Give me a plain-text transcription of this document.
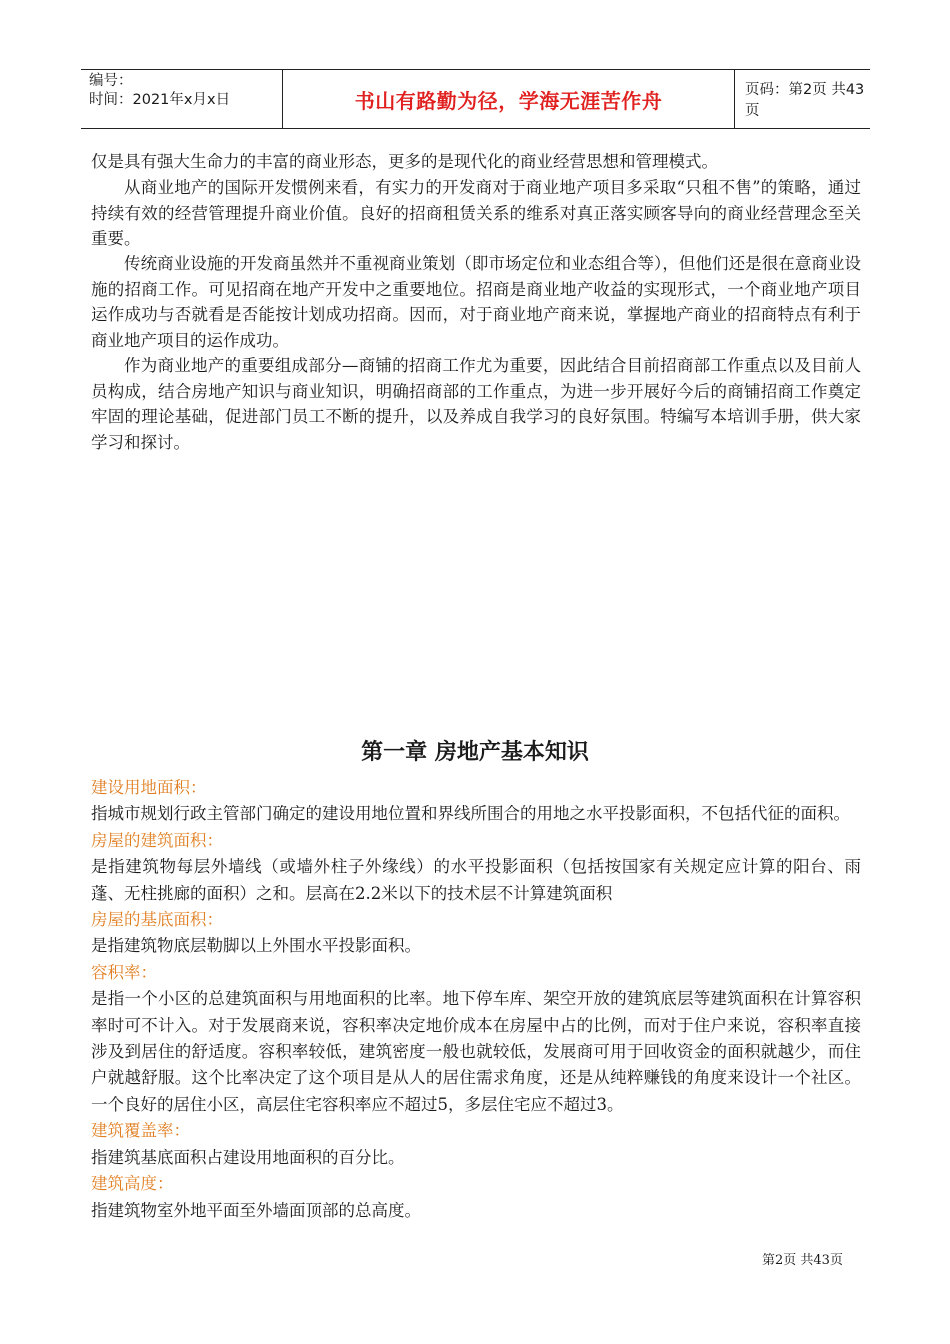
编号：
时间：2021年x月x日	书山有路勤为径，学海无涯苦作舟	页码：第2页 共43页

仅是具有强大生命力的丰富的商业形态，更多的是现代化的商业经营思想和管理模式。

从商业地产的国际开发惯例来看，有实力的开发商对于商业地产项目多采取“只租不售”的策略，通过持续有效的经营管理提升商业价值。良好的招商租赁关系的维系对真正落实顾客导向的商业经营理念至关重要。

传统商业设施的开发商虽然并不重视商业策划（即市场定位和业态组合等），但他们还是很在意商业设施的招商工作。可见招商在地产开发中之重要地位。招商是商业地产收益的实现形式，一个商业地产项目运作成功与否就看是否能按计划成功招商。因而，对于商业地产商来说，掌握地产商业的招商特点有利于商业地产项目的运作成功。

作为商业地产的重要组成部分—商铺的招商工作尤为重要，因此结合目前招商部工作重点以及目前人员构成，结合房地产知识与商业知识，明确招商部的工作重点，为进一步开展好今后的商铺招商工作奠定牢固的理论基础，促进部门员工不断的提升，以及养成自我学习的良好氛围。特编写本培训手册，供大家学习和探讨。

第一章 房地产基本知识
建设用地面积：
指城市规划行政主管部门确定的建设用地位置和界线所围合的用地之水平投影面积，不包括代征的面积。
房屋的建筑面积：
是指建筑物每层外墙线（或墙外柱子外缘线）的水平投影面积（包括按国家有关规定应计算的阳台、雨蓬、无柱挑廊的面积）之和。层高在2.2米以下的技术层不计算建筑面积
房屋的基底面积：
是指建筑物底层勒脚以上外围水平投影面积。
容积率：
是指一个小区的总建筑面积与用地面积的比率。地下停车库、架空开放的建筑底层等建筑面积在计算容积率时可不计入。对于发展商来说，容积率决定地价成本在房屋中占的比例，而对于住户来说，容积率直接涉及到居住的舒适度。容积率较低，建筑密度一般也就较低，发展商可用于回收资金的面积就越少，而住户就越舒服。这个比率决定了这个项目是从人的居住需求角度，还是从纯粹赚钱的角度来设计一个社区。一个良好的居住小区，高层住宅容积率应不超过5，多层住宅应不超过3。
建筑覆盖率：
指建筑基底面积占建设用地面积的百分比。
建筑高度：
指建筑物室外地平面至外墙面顶部的总高度。
第2页 共43页
